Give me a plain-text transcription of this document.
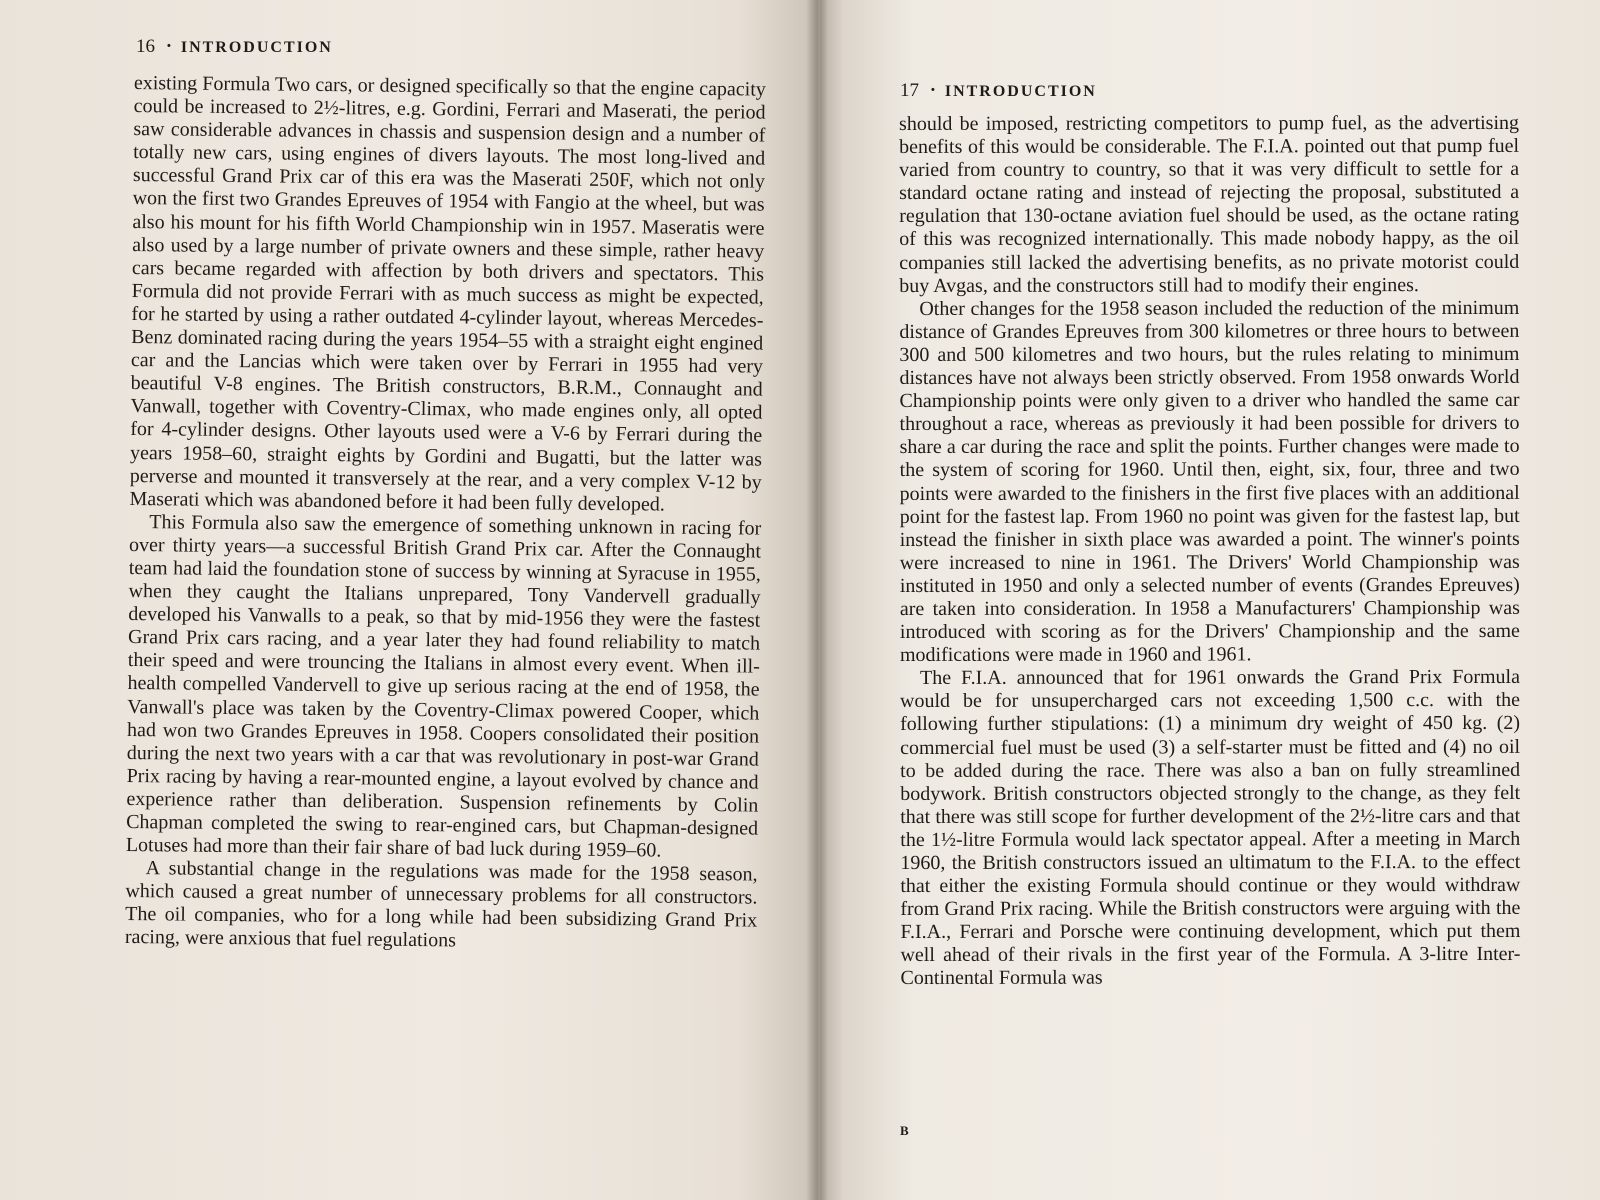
16 · INTRODUCTION

existing Formula Two cars, or designed specifically so that the engine capacity could be increased to 2½-litres, e.g. Gordini, Ferrari and Maserati, the period saw considerable advances in chassis and suspension design and a number of totally new cars, using engines of divers layouts. The most long-lived and successful Grand Prix car of this era was the Maserati 250F, which not only won the first two Grandes Epreuves of 1954 with Fangio at the wheel, but was also his mount for his fifth World Championship win in 1957. Maseratis were also used by a large number of private owners and these simple, rather heavy cars became regarded with affection by both drivers and spectators. This Formula did not provide Ferrari with as much success as might be expected, for he started by using a rather outdated 4-cylinder layout, whereas Mercedes-Benz dominated racing during the years 1954–55 with a straight eight engined car and the Lancias which were taken over by Ferrari in 1955 had very beautiful V-8 engines. The British constructors, B.R.M., Connaught and Vanwall, together with Coventry-Climax, who made engines only, all opted for 4-cylinder designs. Other layouts used were a V-6 by Ferrari during the years 1958–60, straight eights by Gordini and Bugatti, but the latter was perverse and mounted it transversely at the rear, and a very complex V-12 by Maserati which was abandoned before it had been fully developed.

This Formula also saw the emergence of something unknown in racing for over thirty years—a successful British Grand Prix car. After the Connaught team had laid the foundation stone of success by winning at Syracuse in 1955, when they caught the Italians unprepared, Tony Vandervell gradually developed his Vanwalls to a peak, so that by mid-1956 they were the fastest Grand Prix cars racing, and a year later they had found reliability to match their speed and were trouncing the Italians in almost every event. When ill-health compelled Vandervell to give up serious racing at the end of 1958, the Vanwall's place was taken by the Coventry-Climax powered Cooper, which had won two Grandes Epreuves in 1958. Coopers consolidated their position during the next two years with a car that was revolutionary in post-war Grand Prix racing by having a rear-mounted engine, a layout evolved by chance and experience rather than deliberation. Suspension refinements by Colin Chapman completed the swing to rear-engined cars, but Chapman-designed Lotuses had more than their fair share of bad luck during 1959–60.

A substantial change in the regulations was made for the 1958 season, which caused a great number of unnecessary problems for all constructors. The oil companies, who for a long while had been subsidizing Grand Prix racing, were anxious that fuel regulations

17 · INTRODUCTION

should be imposed, restricting competitors to pump fuel, as the advertising benefits of this would be considerable. The F.I.A. pointed out that pump fuel varied from country to country, so that it was very difficult to settle for a standard octane rating and instead of rejecting the proposal, substituted a regulation that 130-octane aviation fuel should be used, as the octane rating of this was recognized internationally. This made nobody happy, as the oil companies still lacked the advertising benefits, as no private motorist could buy Avgas, and the constructors still had to modify their engines.

Other changes for the 1958 season included the reduction of the minimum distance of Grandes Epreuves from 300 kilometres or three hours to between 300 and 500 kilometres and two hours, but the rules relating to minimum distances have not always been strictly observed. From 1958 onwards World Championship points were only given to a driver who handled the same car throughout a race, whereas as previously it had been possible for drivers to share a car during the race and split the points. Further changes were made to the system of scoring for 1960. Until then, eight, six, four, three and two points were awarded to the finishers in the first five places with an additional point for the fastest lap. From 1960 no point was given for the fastest lap, but instead the finisher in sixth place was awarded a point. The winner's points were increased to nine in 1961. The Drivers' World Championship was instituted in 1950 and only a selected number of events (Grandes Epreuves) are taken into consideration. In 1958 a Manufacturers' Championship was introduced with scoring as for the Drivers' Championship and the same modifications were made in 1960 and 1961.

The F.I.A. announced that for 1961 onwards the Grand Prix Formula would be for unsupercharged cars not exceeding 1,500 c.c. with the following further stipulations: (1) a minimum dry weight of 450 kg. (2) commercial fuel must be used (3) a self-starter must be fitted and (4) no oil to be added during the race. There was also a ban on fully streamlined bodywork. British constructors objected strongly to the change, as they felt that there was still scope for further development of the 2½-litre cars and that the 1½-litre Formula would lack spectator appeal. After a meeting in March 1960, the British constructors issued an ultimatum to the F.I.A. to the effect that either the existing Formula should continue or they would withdraw from Grand Prix racing. While the British constructors were arguing with the F.I.A., Ferrari and Porsche were continuing development, which put them well ahead of their rivals in the first year of the Formula. A 3-litre Inter-Continental Formula was

B
